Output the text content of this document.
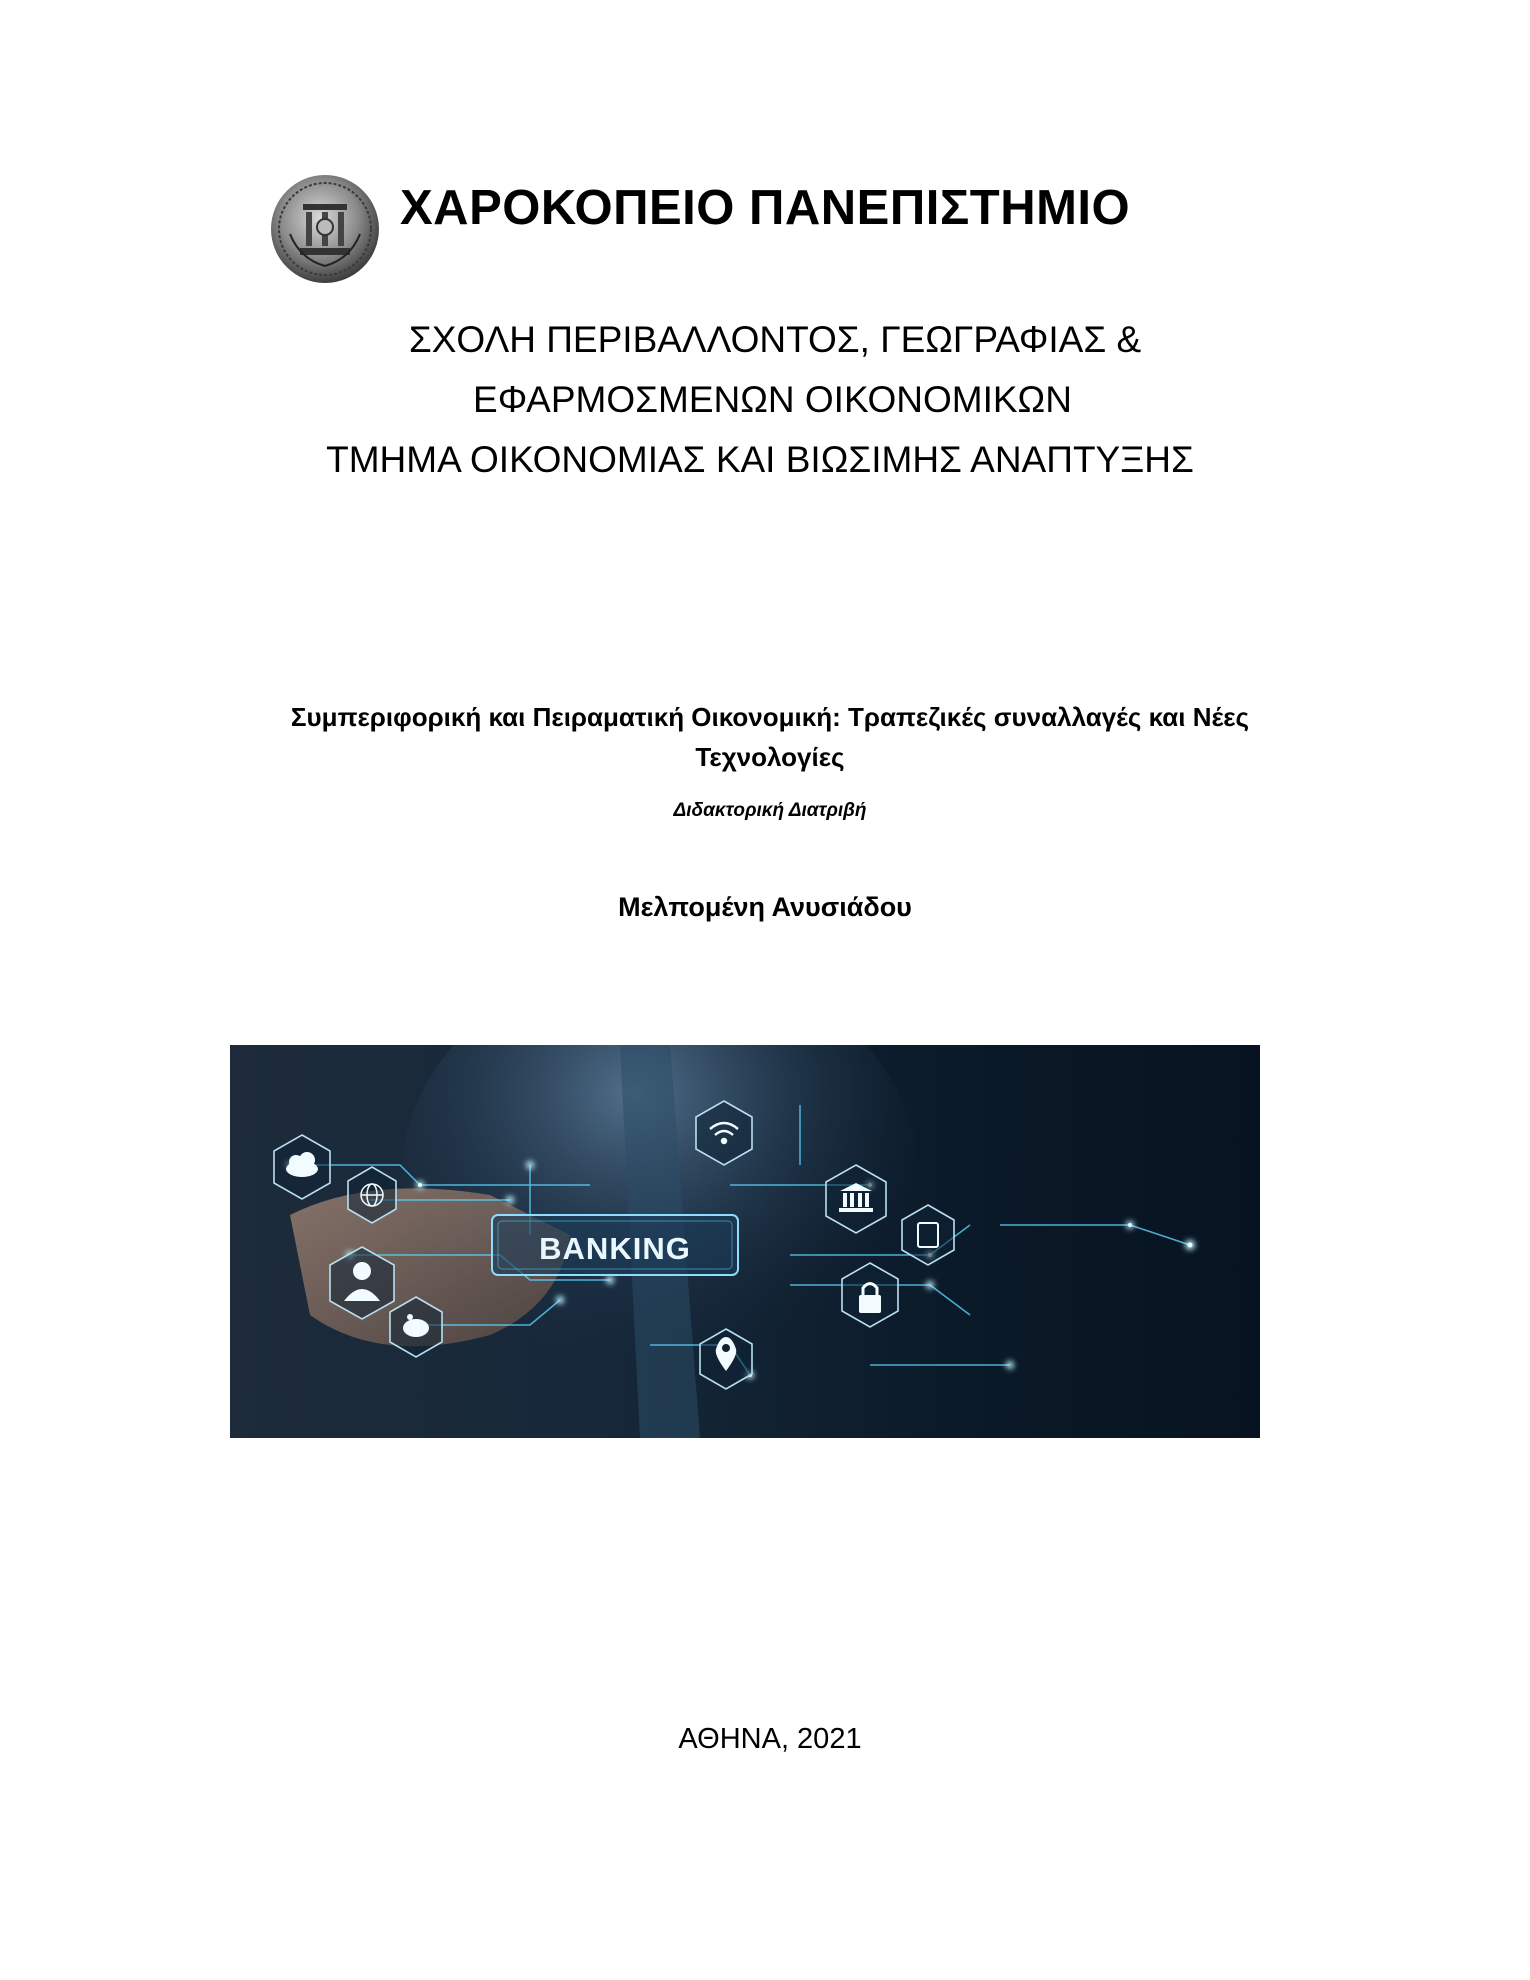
ΧΑΡΟΚΟΠΕΙΟ ΠΑΝΕΠΙΣΤΗΜΙΟ
ΣΧΟΛΗ ΠΕΡΙΒΑΛΛΟΝΤΟΣ, ΓΕΩΓΡΑΦΙΑΣ &
ΕΦΑΡΜΟΣΜΕΝΩΝ ΟΙΚΟΝΟΜΙΚΩΝ
ΤΜΗΜΑ ΟΙΚΟΝΟΜΙΑΣ ΚΑΙ ΒΙΩΣΙΜΗΣ ΑΝΑΠΤΥΞΗΣ
Συμπεριφορική και Πειραματική Οικονομική: Τραπεζικές συναλλαγές και Νέες Τεχνολογίες
Διδακτορική Διατριβή
Μελπομένη Ανυσιάδου
BANKING
ΑΘΗΝΑ, 2021
